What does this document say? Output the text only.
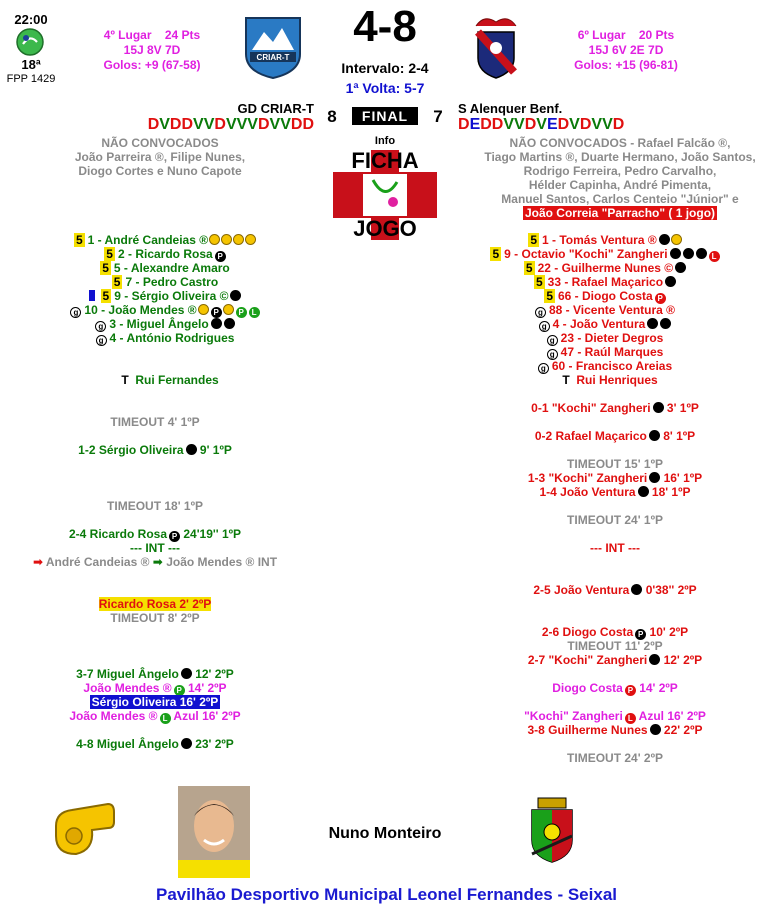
22:00
18ª
FPP 1429
4º Lugar 24 Pts
15J 8V 7D
Golos: +9 (67-58)
6º Lugar 20 Pts
15J 6V 2E 7D
Golos: +15 (96-81)
CRIAR-T
4-8
Intervalo: 2-4
1ª Volta: 5-7
GD CRIAR-T
DVDDVVDVVVDVVDD 8	FINAL	7	S Alenquer Benf.
DEDDVVDVEDVDVVD
Info
FICHA
JOGO
NÃO CONVOCADOS
João Parreira ®, Filipe Nunes,
Diogo Cortes e Nuno Capote
NÃO CONVOCADOS - Rafael Falcão ®,
Tiago Martins ®, Duarte Hermano, João Santos,
Rodrigo Ferreira, Pedro Carvalho,
Hélder Capinha, André Pimenta,
Manuel Santos, Carlos Centeio "Júnior" e
João Correia "Parracho" ( 1 jogo)
5 1 - André Candeias ®
5 2 - Ricardo Rosa P
5 5 - Alexandre Amaro
5 7 - Pedro Castro
5 9 - Sérgio Oliveira ©
g 10 - João Mendes ® P P L
g 3 - Miguel Ângelo
g 4 - António Rodrigues
5 1 - Tomás Ventura ®
5 9 - Octavio "Kochi" Zangheri	L
5 22 - Guilherme Nunes ©
5 33 - Rafael Maçarico
5 66 - Diogo Costa P
g 88 - Vicente Ventura ®
g 4 - João Ventura
g 23 - Dieter Degros
g 47 - Raúl Marques
g 60 - Francisco Areias
T Rui Fernandes	T Rui Henriques
TIMEOUT 4' 1ºP
1-2 Sérgio Oliveira 9' 1ºP
TIMEOUT 18' 1ºP
2-4 Ricardo Rosa P 24'19'' 1ºP
--- INT ---
➡ André Candeias ® ➡ João Mendes ® INT
Ricardo Rosa 2' 2ºP
TIMEOUT 8' 2ºP
3-7 Miguel Ângelo 12' 2ºP
João Mendes ® P 14' 2ºP
Sérgio Oliveira 16' 2ºP
João Mendes ® L Azul 16' 2ºP
4-8 Miguel Ângelo 23' 2ºP
0-1 "Kochi" Zangheri 3' 1ºP
0-2 Rafael Maçarico 8' 1ºP
TIMEOUT 15' 1ºP
1-3 "Kochi" Zangheri 16' 1ºP
1-4 João Ventura 18' 1ºP
TIMEOUT 24' 1ºP
--- INT ---
2-5 João Ventura 0'38'' 2ºP
2-6 Diogo Costa P 10' 2ºP
TIMEOUT 11' 2ºP
2-7 "Kochi" Zangheri 12' 2ºP
Diogo Costa P 14' 2ºP
"Kochi" Zangheri L Azul 16' 2ºP
3-8 Guilherme Nunes 22' 2ºP
TIMEOUT 24' 2ºP
Nuno Monteiro
Pavilhão Desportivo Municipal Leonel Fernandes - Seixal
